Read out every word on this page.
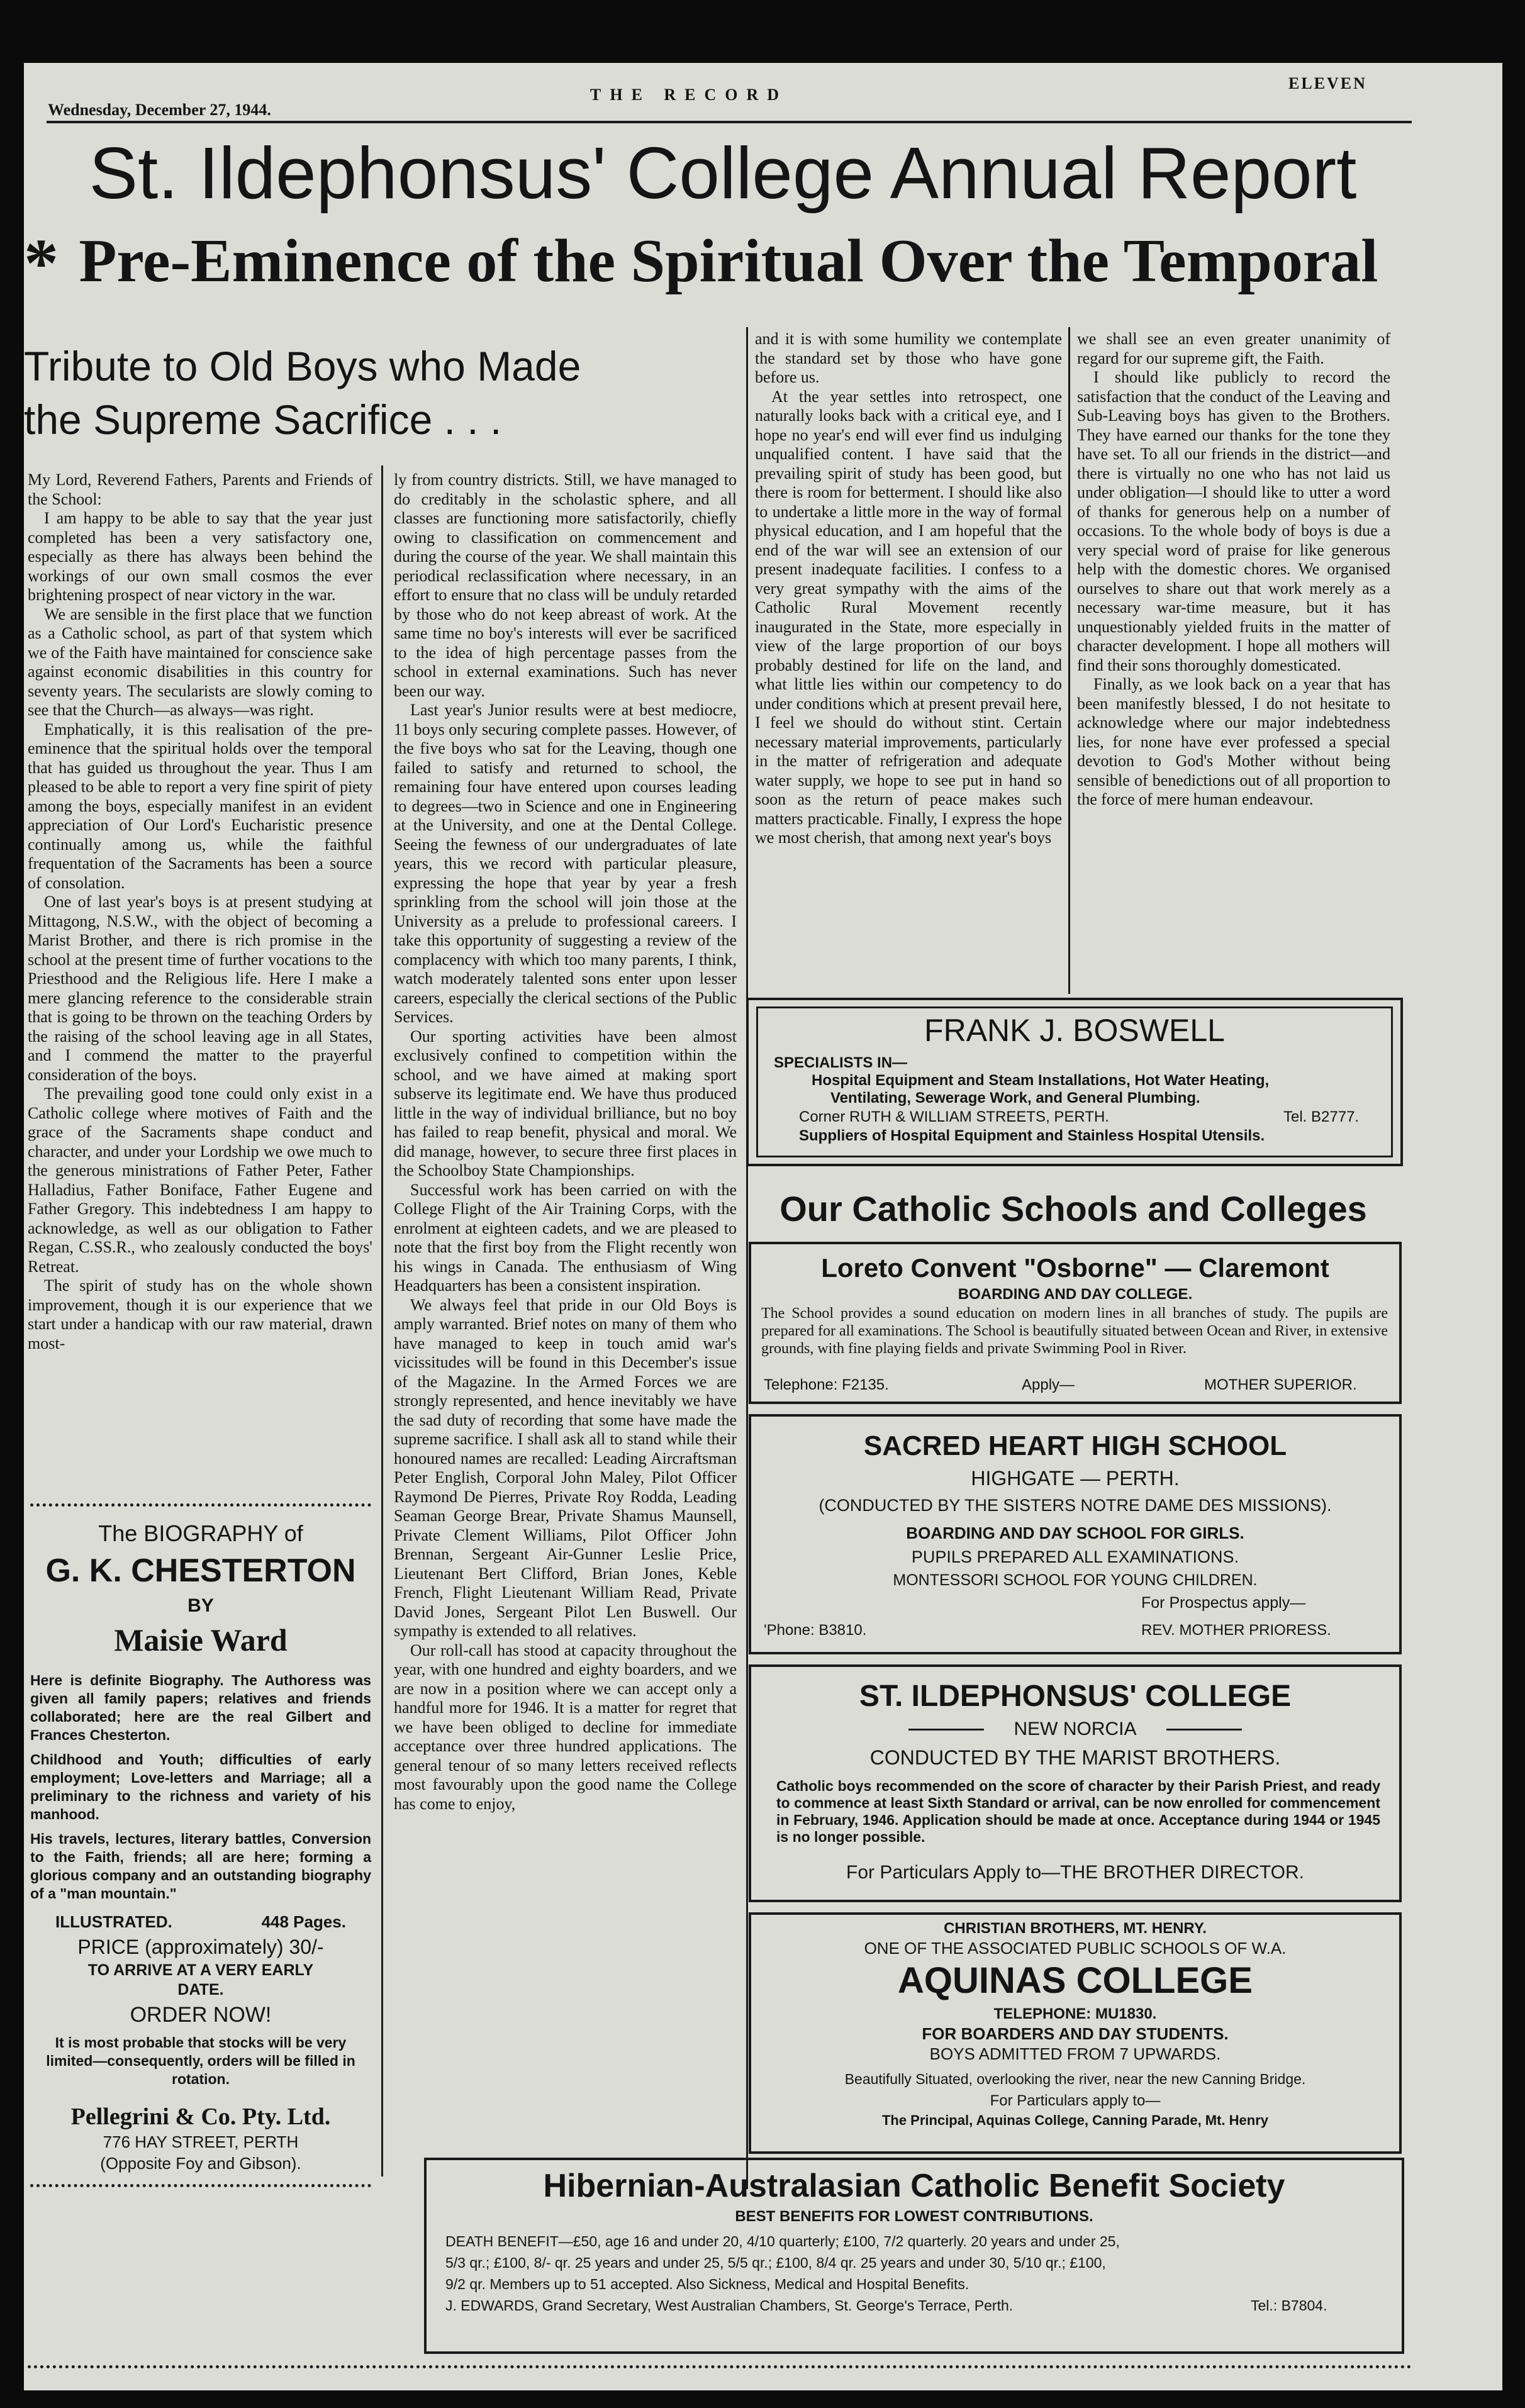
Wednesday, December 27, 1944.
THE RECORD
ELEVEN
St. Ildephonsus' College Annual Report
* Pre-Eminence of the Spiritual Over the Temporal
Tribute to Old Boys who Made
the Supreme Sacrifice . . .

My Lord, Reverend Fathers, Parents and Friends of the School:

I am happy to be able to say that the year just completed has been a very satisfactory one, especially as there has always been behind the workings of our own small cosmos the ever brightening prospect of near victory in the war.

We are sensible in the first place that we function as a Catholic school, as part of that system which we of the Faith have maintained for conscience sake against economic disabilities in this country for seventy years. The secularists are slowly coming to see that the Church—as always—was right.

Emphatically, it is this realisation of the pre-eminence that the spiritual holds over the temporal that has guided us throughout the year. Thus I am pleased to be able to report a very fine spirit of piety among the boys, especially manifest in an evident appreciation of Our Lord's Eucharistic presence continually among us, while the faithful frequentation of the Sacraments has been a source of consolation.

One of last year's boys is at present studying at Mittagong, N.S.W., with the object of becoming a Marist Brother, and there is rich promise in the school at the present time of further vocations to the Priesthood and the Religious life. Here I make a mere glancing reference to the considerable strain that is going to be thrown on the teaching Orders by the raising of the school leaving age in all States, and I commend the matter to the prayerful consideration of the boys.

The prevailing good tone could only exist in a Catholic college where motives of Faith and the grace of the Sacraments shape conduct and character, and under your Lordship we owe much to the generous ministrations of Father Peter, Father Halladius, Father Boniface, Father Eugene and Father Gregory. This indebtedness I am happy to acknowledge, as well as our obligation to Father Regan, C.SS.R., who zealously conducted the boys' Retreat.

The spirit of study has on the whole shown improvement, though it is our experience that we start under a handicap with our raw material, drawn most-

The BIOGRAPHY of
G. K. CHESTERTON
BY
Maisie Ward
Here is definite Biography. The Authoress was given all family papers; relatives and friends collaborated; here are the real Gilbert and Frances Chesterton.
Childhood and Youth; difficulties of early employment; Love-letters and Marriage; all a preliminary to the richness and variety of his manhood.
His travels, lectures, literary battles, Conversion to the Faith, friends; all are here; forming a glorious company and an outstanding biography of a "man mountain."
ILLUSTRATED.	448 Pages.
PRICE (approximately) 30/-
TO ARRIVE AT A VERY EARLY DATE.
ORDER NOW!
It is most probable that stocks will be very limited—consequently, orders will be filled in rotation.
Pellegrini & Co. Pty. Ltd.
776 HAY STREET, PERTH
(Opposite Foy and Gibson).

ly from country districts. Still, we have managed to do creditably in the scholastic sphere, and all classes are functioning more satisfactorily, chiefly owing to classification on commencement and during the course of the year. We shall maintain this periodical reclassification where necessary, in an effort to ensure that no class will be unduly retarded by those who do not keep abreast of work. At the same time no boy's interests will ever be sacrificed to the idea of high percentage passes from the school in external examinations. Such has never been our way.

Last year's Junior results were at best mediocre, 11 boys only securing complete passes. However, of the five boys who sat for the Leaving, though one failed to satisfy and returned to school, the remaining four have entered upon courses leading to degrees—two in Science and one in Engineering at the University, and one at the Dental College. Seeing the fewness of our undergraduates of late years, this we record with particular pleasure, expressing the hope that year by year a fresh sprinkling from the school will join those at the University as a prelude to professional careers. I take this opportunity of suggesting a review of the complacency with which too many parents, I think, watch moderately talented sons enter upon lesser careers, especially the clerical sections of the Public Services.

Our sporting activities have been almost exclusively confined to competition within the school, and we have aimed at making sport subserve its legitimate end. We have thus produced little in the way of individual brilliance, but no boy has failed to reap benefit, physical and moral. We did manage, however, to secure three first places in the Schoolboy State Championships.

Successful work has been carried on with the College Flight of the Air Training Corps, with the enrolment at eighteen cadets, and we are pleased to note that the first boy from the Flight recently won his wings in Canada. The enthusiasm of Wing Headquarters has been a consistent inspiration.

We always feel that pride in our Old Boys is amply warranted. Brief notes on many of them who have managed to keep in touch amid war's vicissitudes will be found in this December's issue of the Magazine. In the Armed Forces we are strongly represented, and hence inevitably we have the sad duty of recording that some have made the supreme sacrifice. I shall ask all to stand while their honoured names are recalled: Leading Aircraftsman Peter English, Corporal John Maley, Pilot Officer Raymond De Pierres, Private Roy Rodda, Leading Seaman George Brear, Private Shamus Maunsell, Private Clement Williams, Pilot Officer John Brennan, Sergeant Air-Gunner Leslie Price, Lieutenant Bert Clifford, Brian Jones, Keble French, Flight Lieutenant William Read, Private David Jones, Sergeant Pilot Len Buswell. Our sympathy is extended to all relatives.

Our roll-call has stood at capacity throughout the year, with one hundred and eighty boarders, and we are now in a position where we can accept only a handful more for 1946. It is a matter for regret that we have been obliged to decline for immediate acceptance over three hundred applications. The general tenour of so many letters received reflects most favourably upon the good name the College has come to enjoy,

and it is with some humility we contemplate the standard set by those who have gone before us.

At the year settles into retrospect, one naturally looks back with a critical eye, and I hope no year's end will ever find us indulging unqualified content. I have said that the prevailing spirit of study has been good, but there is room for betterment. I should like also to undertake a little more in the way of formal physical education, and I am hopeful that the end of the war will see an extension of our present inadequate facilities. I confess to a very great sympathy with the aims of the Catholic Rural Movement recently inaugurated in the State, more especially in view of the large proportion of our boys probably destined for life on the land, and what little lies within our competency to do under conditions which at present prevail here, I feel we should do without stint. Certain necessary material improvements, particularly in the matter of refrigeration and adequate water supply, we hope to see put in hand so soon as the return of peace makes such matters practicable. Finally, I express the hope we most cherish, that among next year's boys

we shall see an even greater unanimity of regard for our supreme gift, the Faith.

I should like publicly to record the satisfaction that the conduct of the Leaving and Sub-Leaving boys has given to the Brothers. They have earned our thanks for the tone they have set. To all our friends in the district—and there is virtually no one who has not laid us under obligation—I should like to utter a word of thanks for generous help on a number of occasions. To the whole body of boys is due a very special word of praise for like generous help with the domestic chores. We organised ourselves to share out that work merely as a necessary war-time measure, but it has unquestionably yielded fruits in the matter of character development. I hope all mothers will find their sons thoroughly domesticated.

Finally, as we look back on a year that has been manifestly blessed, I do not hesitate to acknowledge where our major indebtedness lies, for none have ever professed a special devotion to God's Mother without being sensible of benedictions out of all proportion to the force of mere human endeavour.

FRANK J. BOSWELL
SPECIALISTS IN—
Hospital Equipment and Steam Installations, Hot Water Heating,
Ventilating, Sewerage Work, and General Plumbing.
Corner RUTH & WILLIAM STREETS, PERTH.	Tel. B2777.
Suppliers of Hospital Equipment and Stainless Hospital Utensils.
Our Catholic Schools and Colleges
Loreto Convent "Osborne" — Claremont
BOARDING AND DAY COLLEGE.
The School provides a sound education on modern lines in all branches of study. The pupils are prepared for all examinations. The School is beautifully situated between Ocean and River, in extensive grounds, with fine playing fields and private Swimming Pool in River.
Telephone: F2135.	Apply—	MOTHER SUPERIOR.
SACRED HEART HIGH SCHOOL
HIGHGATE — PERTH.
(CONDUCTED BY THE SISTERS NOTRE DAME DES MISSIONS).
BOARDING AND DAY SCHOOL FOR GIRLS.
PUPILS PREPARED ALL EXAMINATIONS.
MONTESSORI SCHOOL FOR YOUNG CHILDREN.
For Prospectus apply—
'Phone: B3810.	REV. MOTHER PRIORESS.
ST. ILDEPHONSUS' COLLEGE
NEW NORCIA
CONDUCTED BY THE MARIST BROTHERS.
Catholic boys recommended on the score of character by their Parish Priest, and ready to commence at least Sixth Standard or arrival, can be now enrolled for commencement in February, 1946. Application should be made at once. Acceptance during 1944 or 1945 is no longer possible.
For Particulars Apply to—THE BROTHER DIRECTOR.
CHRISTIAN BROTHERS, MT. HENRY.
ONE OF THE ASSOCIATED PUBLIC SCHOOLS OF W.A.
AQUINAS COLLEGE
TELEPHONE: MU1830.
FOR BOARDERS AND DAY STUDENTS.
BOYS ADMITTED FROM 7 UPWARDS.
Beautifully Situated, overlooking the river, near the new Canning Bridge.
For Particulars apply to—
The Principal, Aquinas College, Canning Parade, Mt. Henry
Hibernian-Australasian Catholic Benefit Society
BEST BENEFITS FOR LOWEST CONTRIBUTIONS.
DEATH BENEFIT—£50, age 16 and under 20, 4/10 quarterly; £100, 7/2 quarterly. 20 years and under 25,
5/3 qr.; £100, 8/- qr. 25 years and under 25, 5/5 qr.; £100, 8/4 qr. 25 years and under 30, 5/10 qr.; £100,
9/2 qr. Members up to 51 accepted. Also Sickness, Medical and Hospital Benefits.
J. EDWARDS, Grand Secretary, West Australian Chambers, St. George's Terrace, Perth.	Tel.: B7804.
